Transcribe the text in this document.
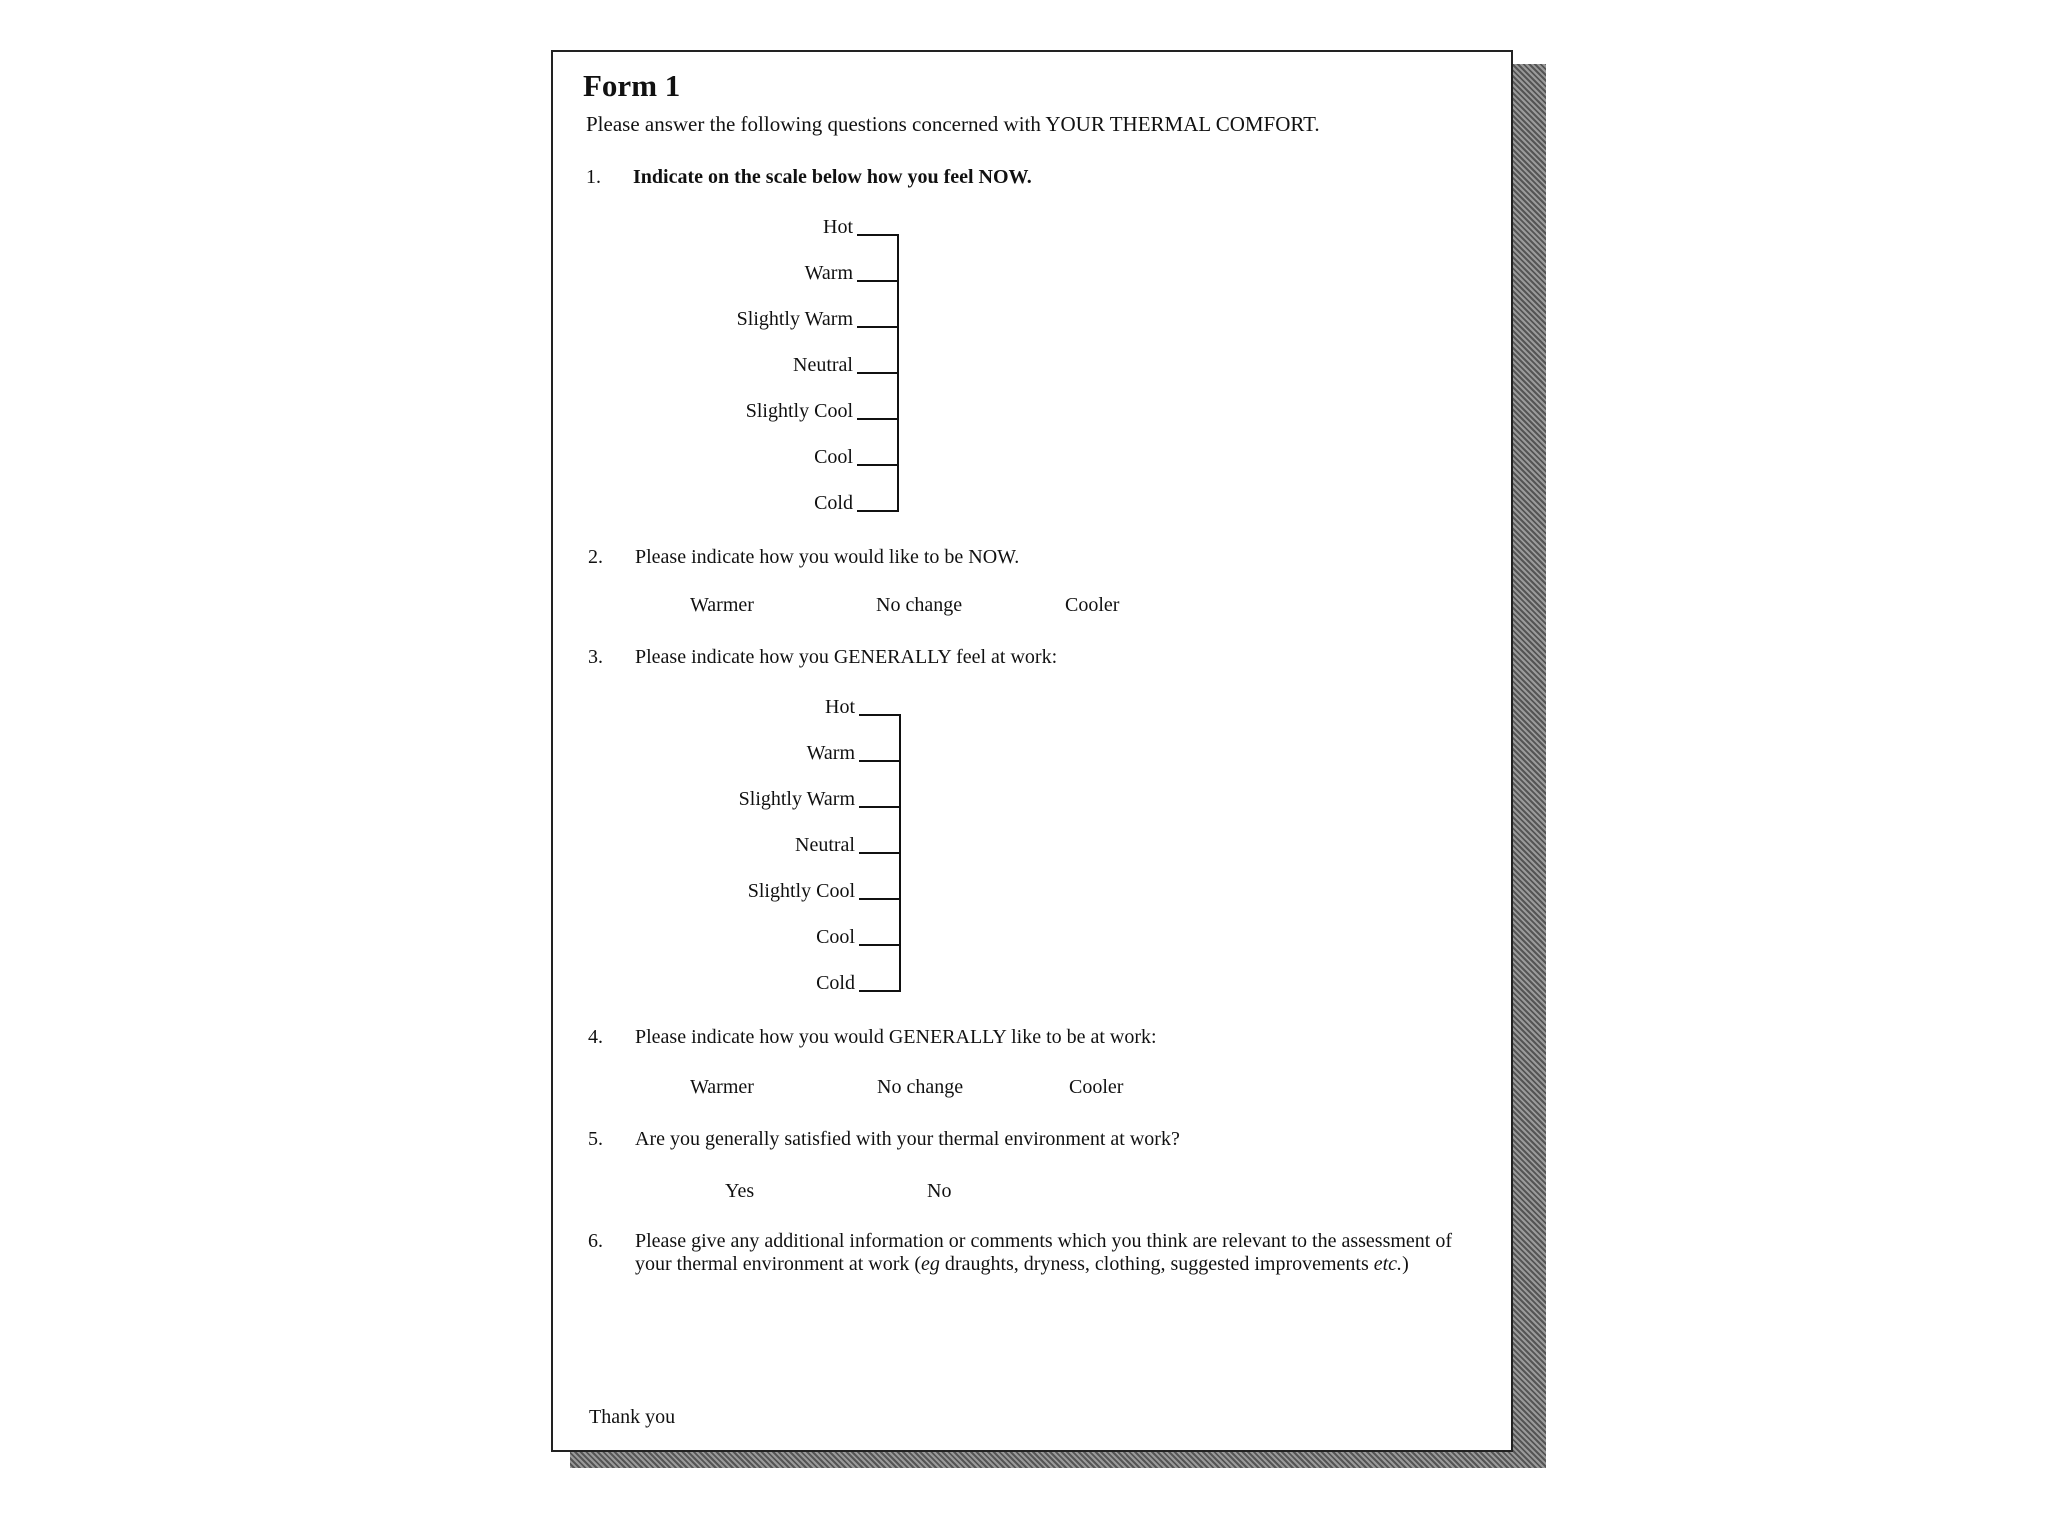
Form 1
Please answer the following questions concerned with YOUR THERMAL COMFORT.
1. Indicate on the scale below how you feel NOW.
Hot
Warm
Slightly Warm
Neutral
Slightly Cool
Cool
Cold
2. Please indicate how you would like to be NOW.
Warmer	No change	Cooler
3. Please indicate how you GENERALLY feel at work:
Hot
Warm
Slightly Warm
Neutral
Slightly Cool
Cool
Cold
4. Please indicate how you would GENERALLY like to be at work:
Warmer	No change	Cooler
5. Are you generally satisfied with your thermal environment at work?
Yes	No
6. Please give any additional information or comments which you think are relevant to the assessment of your thermal environment at work (eg draughts, dryness, clothing, suggested improvements etc.)
Thank you
